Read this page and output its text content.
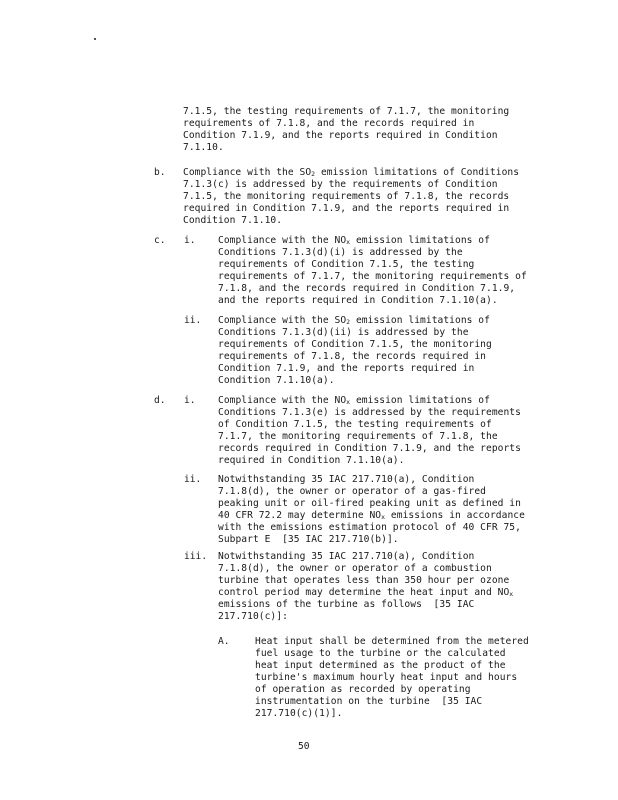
7.1.5, the testing requirements of 7.1.7, the monitoring
requirements of 7.1.8, and the records required in
Condition 7.1.9, and the reports required in Condition
7.1.10.
b. Compliance with the $SO_2$ emission limitations of Conditions
7.1.3(c) is addressed by the requirements of Condition
7.1.5, the monitoring requirements of 7.1.8, the records
required in Condition 7.1.9, and the reports required in
Condition 7.1.10.
c. i. Compliance with the $NO_x$ emission limitations of
Conditions 7.1.3(d)(i) is addressed by the
requirements of Condition 7.1.5, the testing
requirements of 7.1.7, the monitoring requirements of
7.1.8, and the records required in Condition 7.1.9,
and the reports required in Condition 7.1.10(a).
ii. Compliance with the $SO_2$ emission limitations of
Conditions 7.1.3(d)(ii) is addressed by the
requirements of Condition 7.1.5, the monitoring
requirements of 7.1.8, the records required in
Condition 7.1.9, and the reports required in
Condition 7.1.10(a).
d. i. Compliance with the $NO_x$ emission limitations of
Conditions 7.1.3(e) is addressed by the requirements
of Condition 7.1.5, the testing requirements of
7.1.7, the monitoring requirements of 7.1.8, the
records required in Condition 7.1.9, and the reports
required in Condition 7.1.10(a).
ii. Notwithstanding 35 IAC 217.710(a), Condition
7.1.8(d), the owner or operator of a gas-fired
peaking unit or oil-fired peaking unit as defined in
40 CFR 72.2 may determine $NO_x$ emissions in accordance
with the emissions estimation protocol of 40 CFR 75,
Subpart E  [35 IAC 217.710(b)].
iii. Notwithstanding 35 IAC 217.710(a), Condition
7.1.8(d), the owner or operator of a combustion
turbine that operates less than 350 hour per ozone
control period may determine the heat input and $NO_x$
emissions of the turbine as follows  [35 IAC
217.710(c)]:
A.	Heat input shall be determined from the metered
fuel usage to the turbine or the calculated
heat input determined as the product of the
turbine's maximum hourly heat input and hours
of operation as recorded by operating
instrumentation on the turbine  [35 IAC
217.710(c)(1)].
50
